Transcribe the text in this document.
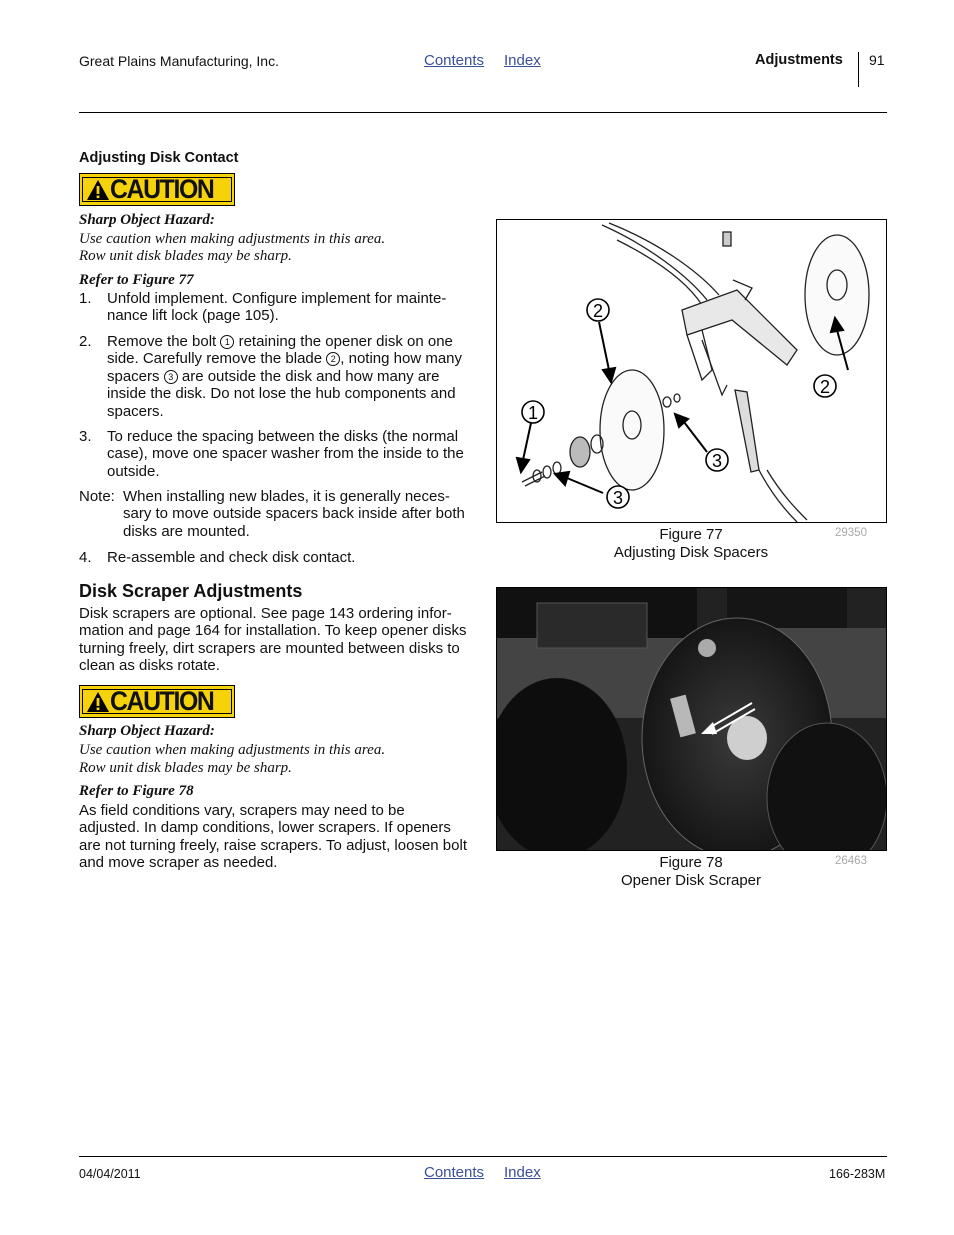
Great Plains Manufacturing, Inc.	Contents Index	Adjustments 91
Adjusting Disk Contact
CAUTION
Sharp Object Hazard:
Use caution when making adjustments in this area.
Row unit disk blades may be sharp.
Refer to Figure 77
1. Unfold implement. Configure implement for mainte-nance lift lock (page 105).
2. Remove the bolt 1 retaining the opener disk on one side. Carefully remove the blade 2 , noting how many spacers 3 are outside the disk and how many are inside the disk. Do not lose the hub components and spacers.
3. To reduce the spacing between the disks (the normal case), move one spacer washer from the inside to the outside.
Note: When installing new blades, it is generally neces-sary to move outside spacers back inside after both disks are mounted.
4. Re-assemble and check disk contact.
Disk Scraper Adjustments
Disk scrapers are optional. See page 143 ordering infor-mation and page 164 for installation. To keep opener disks turning freely, dirt scrapers are mounted between disks to clean as disks rotate.
CAUTION
Sharp Object Hazard:
Use caution when making adjustments in this area.
Row unit disk blades may be sharp.
Refer to Figure 78
As field conditions vary, scrapers may need to be adjusted. In damp conditions, lower scrapers. If openers are not turning freely, raise scrapers. To adjust, loosen bolt and move scraper as needed.
2
2
1
3
3
Figure 77
Adjusting Disk Spacers
29350
Figure 78
Opener Disk Scraper
26463
04/04/2011	Contents Index	166-283M
